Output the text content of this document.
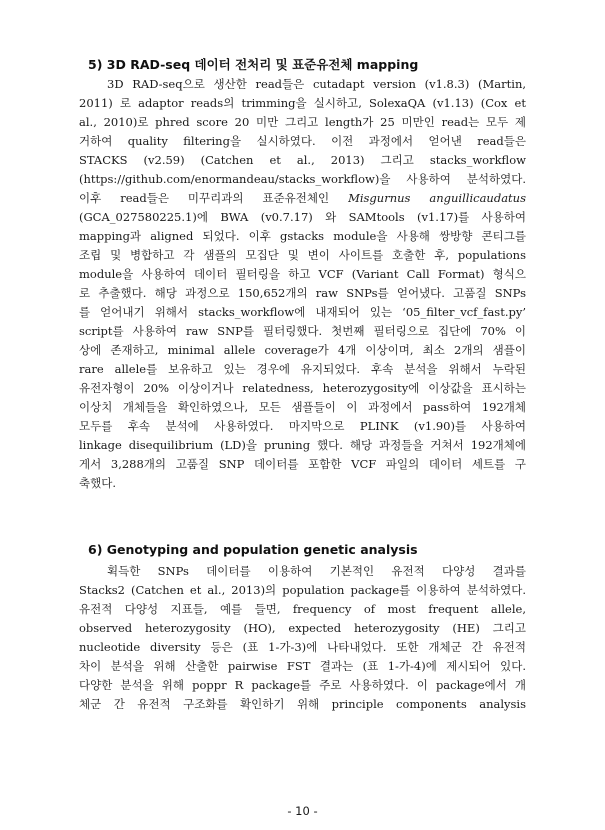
5) 3D RAD-seq 데이터 전처리 및 표준유전체 mapping
3D RAD-seq으로 생산한 read들은 cutadapt version (v1.8.3) (Martin,
2011) 로 adaptor reads의 trimming을 실시하고, SolexaQA (v1.13) (Cox et
al., 2010)로 phred score 20 미만 그리고 length가 25 미만인 read는 모두 제
거하여 quality filtering을 실시하였다. 이전 과정에서 얻어낸 read들은
STACKS (v2.59) (Catchen et al., 2013) 그리고 stacks_workflow
(https://github.com/enormandeau/stacks_workflow)을 사용하여 분석하였다.
이후 read들은 미꾸리과의 표준유전체인 Misgurnus anguillicaudatus
(GCA_027580225.1)에 BWA (v0.7.17) 와 SAMtools (v1.17)를 사용하여
mapping과 aligned 되었다. 이후 gstacks module을 사용해 쌍방향 콘티그를
조립 및 병합하고 각 샘플의 모집단 및 변이 사이트를 호출한 후, populations
module을 사용하여 데이터 필터링을 하고 VCF (Variant Call Format) 형식으
로 추출했다. 해당 과정으로 150,652개의 raw SNPs를 얻어냈다. 고품질 SNPs
를 얻어내기 위해서 stacks_workflow에 내재되어 있는 ‘05_filter_vcf_fast.py’
script를 사용하여 raw SNP를 필터링했다. 첫번째 필터링으로 집단에 70% 이
상에 존재하고, minimal allele coverage가 4개 이상이며, 최소 2개의 샘플이
rare allele를 보유하고 있는 경우에 유지되었다. 후속 분석을 위해서 누락된
유전자형이 20% 이상이거나 relatedness, heterozygosity에 이상값을 표시하는
이상치 개체들을 확인하였으나, 모든 샘플들이 이 과정에서 pass하여 192개체
모두를 후속 분석에 사용하였다. 마지막으로 PLINK (v1.90)를 사용하여
linkage disequilibrium (LD)을 pruning 했다. 해당 과정들을 거쳐서 192개체에
게서 3,288개의 고품질 SNP 데이터를 포함한 VCF 파일의 데이터 세트를 구
축했다.
6) Genotyping and population genetic analysis
획득한 SNPs 데이터를 이용하여 기본적인 유전적 다양성 결과를
Stacks2 (Catchen et al., 2013)의 population package를 이용하여 분석하였다.
유전적 다양성 지표들, 예를 들면, frequency of most frequent allele,
observed heterozygosity (HO), expected heterozygosity (HE) 그리고
nucleotide diversity 등은 (표 1-가-3)에 나타내었다. 또한 개체군 간 유전적
차이 분석을 위해 산출한 pairwise FST 결과는 (표 1-가-4)에 제시되어 있다.
다양한 분석을 위해 poppr R package를 주로 사용하였다. 이 package에서 개
체군 간 유전적 구조화를 확인하기 위해 principle components analysis
- 10 -
